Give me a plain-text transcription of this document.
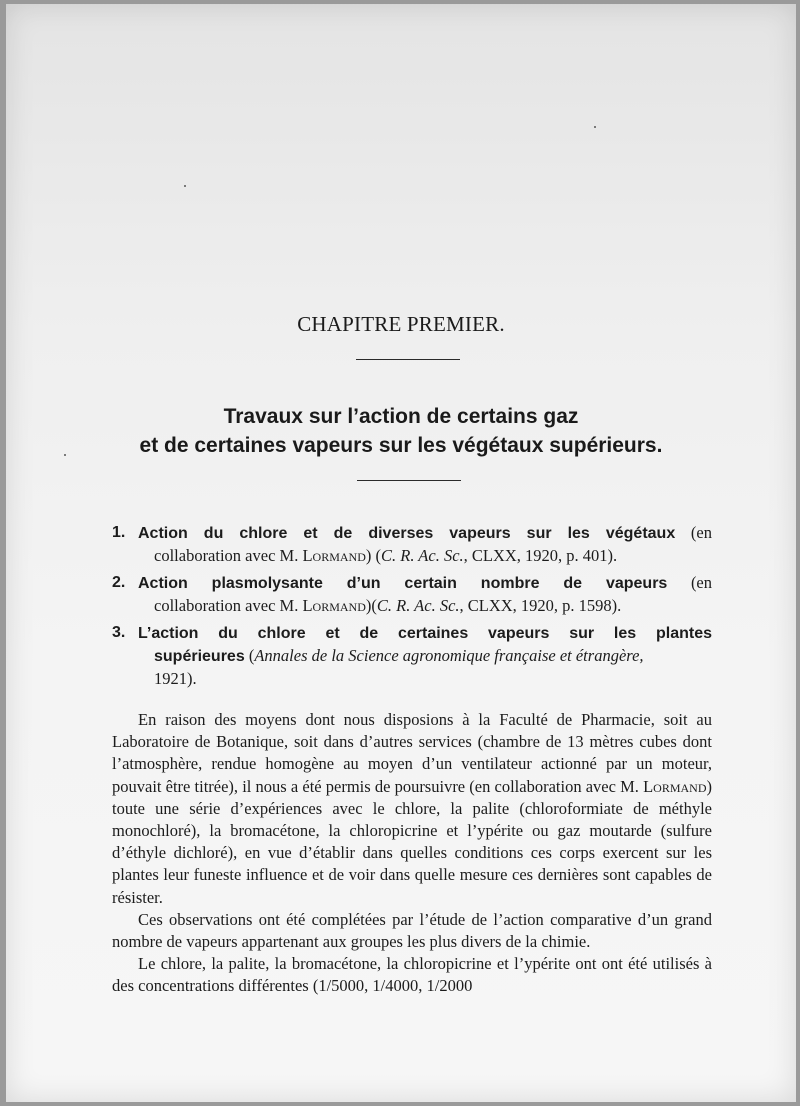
CHAPITRE PREMIER.
Travaux sur l’action de certains gaz
et de certaines vapeurs sur les végétaux supérieurs.
1. Action du chlore et de diverses vapeurs sur les végétaux (en
collaboration avec M. Lormand) (C. R. Ac. Sc., CLXX, 1920, p. 401).
2. Action plasmolysante d’un certain nombre de vapeurs (en
collaboration avec M. Lormand)(C. R. Ac. Sc., CLXX, 1920, p. 1598).
3. L’action du chlore et de certaines vapeurs sur les plantes
supérieures (Annales de la Science agronomique française et étrangère,
1921).

En raison des moyens dont nous disposions à la Faculté de Pharmacie, soit au Laboratoire de Botanique, soit dans d’autres services (chambre de 13 mètres cubes dont l’atmosphère, rendue homogène au moyen d’un ventilateur actionné par un moteur, pouvait être titrée), il nous a été permis de poursuivre (en collaboration avec M. Lormand) toute une série d’expériences avec le chlore, la palite (chloroformiate de méthyle monochloré), la bromacétone, la chloropicrine et l’ypérite ou gaz moutarde (sulfure d’éthyle dichloré), en vue d’établir dans quelles conditions ces corps exercent sur les plantes leur funeste influence et de voir dans quelle mesure ces dernières sont capables de résister.

Ces observations ont été complétées par l’étude de l’action comparative d’un grand nombre de vapeurs appartenant aux groupes les plus divers de la chimie.

Le chlore, la palite, la bromacétone, la chloropicrine et l’ypérite ont ont été utilisés à des concentrations différentes (1/5000, 1/4000, 1/2000
